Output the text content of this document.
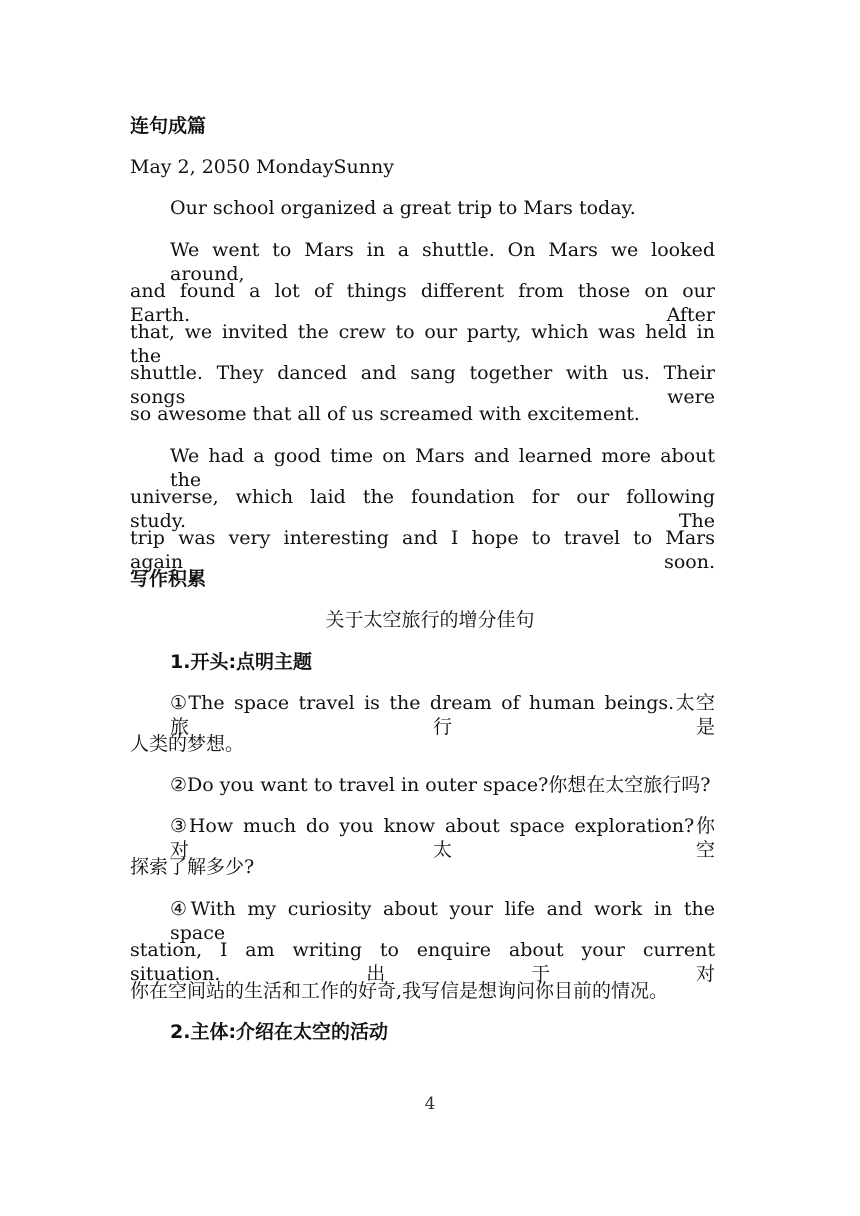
连句成篇
May 2, 2050 MondaySunny
Our school organized a great trip to Mars today.
We went to Mars in a shuttle. On Mars we looked around,
and found a lot of things different from those on our Earth. After
that, we invited the crew to our party, which was held in the
shuttle. They danced and sang together with us. Their songs were
so awesome that all of us screamed with excitement.
We had a good time on Mars and learned more about the
universe, which laid the foundation for our following study. The
trip was very interesting and I hope to travel to Mars again soon.
写作积累
关于太空旅行的增分佳句
1.开头:点明主题
①The space travel is the dream of human beings.太空旅行是
人类的梦想。
②Do you want to travel in outer space?你想在太空旅行吗?
③How much do you know about space exploration?你对太空
探索了解多少?
④With my curiosity about your life and work in the space
station, I am writing to enquire about your current situation.出于对
你在空间站的生活和工作的好奇,我写信是想询问你目前的情况。
2.主体:介绍在太空的活动
4
